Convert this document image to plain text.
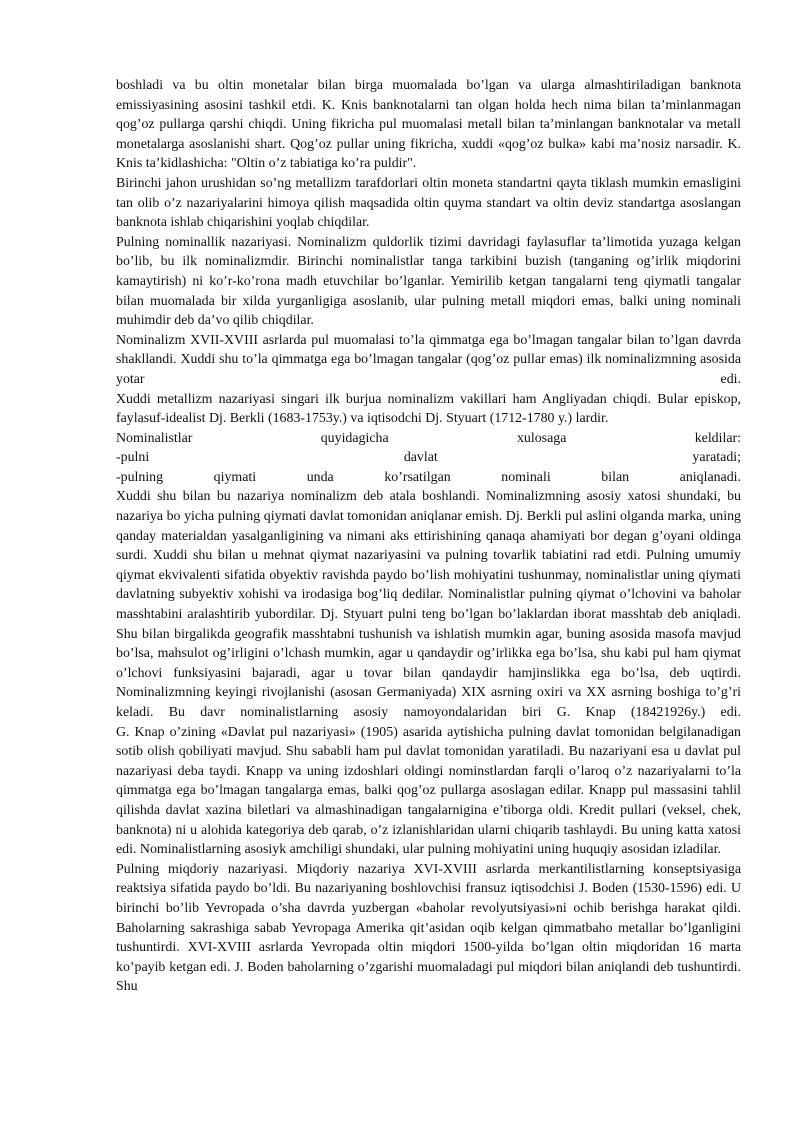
boshladi va bu oltin monetalar bilan birga muomalada bo’lgan va ularga almashtiriladigan banknota emissiyasining asosini tashkil etdi. K. Knis banknotalarni tan olgan holda hech nima bilan ta’minlanmagan qog’oz pullarga qarshi chiqdi. Uning fikricha pul muomalasi metall bilan ta’minlangan banknotalar va metall monetalarga asoslanishi shart. Qog’oz pullar uning fikricha, xuddi «qog’oz bulka» kabi ma’nosiz narsadir. K. Knis ta’kidlashicha: "Oltin o’z tabiatiga ko’ra puldir".

Birinchi jahon urushidan so’ng metallizm tarafdorlari oltin moneta standartni qayta tiklash mumkin emasligini tan olib o’z nazariyalarini himoya qilish maqsadida oltin quyma standart va oltin deviz standartga asoslangan banknota ishlab chiqarishini yoqlab chiqdilar.

Pulning nominallik nazariyasi. Nominalizm quldorlik tizimi davridagi faylasuflar ta’limotida yuzaga kelgan bo’lib, bu ilk nominalizmdir. Birinchi nominalistlar tanga tarkibini buzish (tanganing og’irlik miqdorini kamaytirish) ni ko’r-ko’rona madh etuvchilar bo’lganlar. Yemirilib ketgan tangalarni teng qiymatli tangalar bilan muomalada bir xilda yurganligiga asoslanib, ular pulning metall miqdori emas, balki uning nominali muhimdir deb da’vo qilib chiqdilar.

Nominalizm XVII-XVIII asrlarda pul muomalasi to’la qimmatga ega bo’lmagan tangalar bilan to’lgan davrda shakllandi. Xuddi shu to’la qimmatga ega bo’lmagan tangalar (qog’oz pullar emas) ilk nominalizmning asosida yotar edi.

Xuddi metallizm nazariyasi singari ilk burjua nominalizm vakillari ham Angliyadan chiqdi. Bular episkop, faylasuf-idealist Dj. Berkli (1683-1753y.) va iqtisodchi Dj. Styuart (1712-1780 y.) lardir.

Nominalistlar quyidagicha xulosaga keldilar:

-pulni davlat yaratadi;

-pulning qiymati unda ko’rsatilgan nominali bilan aniqlanadi.

Xuddi shu bilan bu nazariya nominalizm deb atala boshlandi. Nominalizmning asosiy xatosi shundaki, bu nazariya bo yicha pulning qiymati davlat tomonidan aniqlanar emish. Dj. Berkli pul aslini olganda marka, uning qanday materialdan yasalganligining va nimani aks ettirishining qanaqa ahamiyati bor degan g’oyani oldinga surdi. Xuddi shu bilan u mehnat qiymat nazariyasini va pulning tovarlik tabiatini rad etdi. Pulning umumiy qiymat ekvivalenti sifatida obyektiv ravishda paydo bo’lish mohiyatini tushunmay, nominalistlar uning qiymati davlatning subyektiv xohishi va irodasiga bog’liq dedilar. Nominalistlar pulning qiymat o’lchovini va baholar masshtabini aralashtirib yubordilar. Dj. Styuart pulni teng bo’lgan bo’laklardan iborat masshtab deb aniqladi. Shu bilan birgalikda geografik masshtabni tushunish va ishlatish mumkin agar, buning asosida masofa mavjud bo’lsa, mahsulot og’irligini o’lchash mumkin, agar u qandaydir og’irlikka ega bo’lsa, shu kabi pul ham qiymat o’lchovi funksiyasini bajaradi, agar u tovar bilan qandaydir hamjinslikka ega bo’lsa, deb uqtirdi. Nominalizmning keyingi rivojlanishi (asosan Germaniyada) XIX asrning oxiri va XX asrning boshiga to’g’ri keladi. Bu davr nominalistlarning asosiy namoyondalaridan biri G. Knap (18421926y.) edi.

G. Knap o’zining «Davlat pul nazariyasi» (1905) asarida aytishicha pulning davlat tomonidan belgilanadigan sotib olish qobiliyati mavjud. Shu sababli ham pul davlat tomonidan yaratiladi. Bu nazariyani esa u davlat pul nazariyasi deba taydi. Knapp va uning izdoshlari oldingi nominstlardan farqli o’laroq o’z nazariyalarni to’la qimmatga ega bo’lmagan tangalarga emas, balki qog’oz pullarga asoslagan edilar. Knapp pul massasini tahlil qilishda davlat xazina biletlari va almashinadigan tangalarnigina e’tiborga oldi. Kredit pullari (veksel, chek, banknota) ni u alohida kategoriya deb qarab, o’z izlanishlaridan ularni chiqarib tashlaydi. Bu uning katta xatosi edi. Nominalistlarning asosiyk amchiligi shundaki, ular pulning mohiyatini uning huquqiy asosidan izladilar.

Pulning miqdoriy nazariyasi. Miqdoriy nazariya XVI-XVIII asrlarda merkantilistlarning konseptsiyasiga reaktsiya sifatida paydo bo’ldi. Bu nazariyaning boshlovchisi fransuz iqtisodchisi J. Boden (1530-1596) edi. U birinchi bo’lib Yevropada o’sha davrda yuzbergan «baholar revolyutsiyasi»ni ochib berishga harakat qildi. Baholarning sakrashiga sabab Yevropaga Amerika qit’asidan oqib kelgan qimmatbaho metallar bo’lganligini tushuntirdi. XVI-XVIII asrlarda Yevropada oltin miqdori 1500-yilda bo’lgan oltin miqdoridan 16 marta ko’payib ketgan edi. J. Boden baholarning o’zgarishi muomaladagi pul miqdori bilan aniqlandi deb tushuntirdi. Shu
